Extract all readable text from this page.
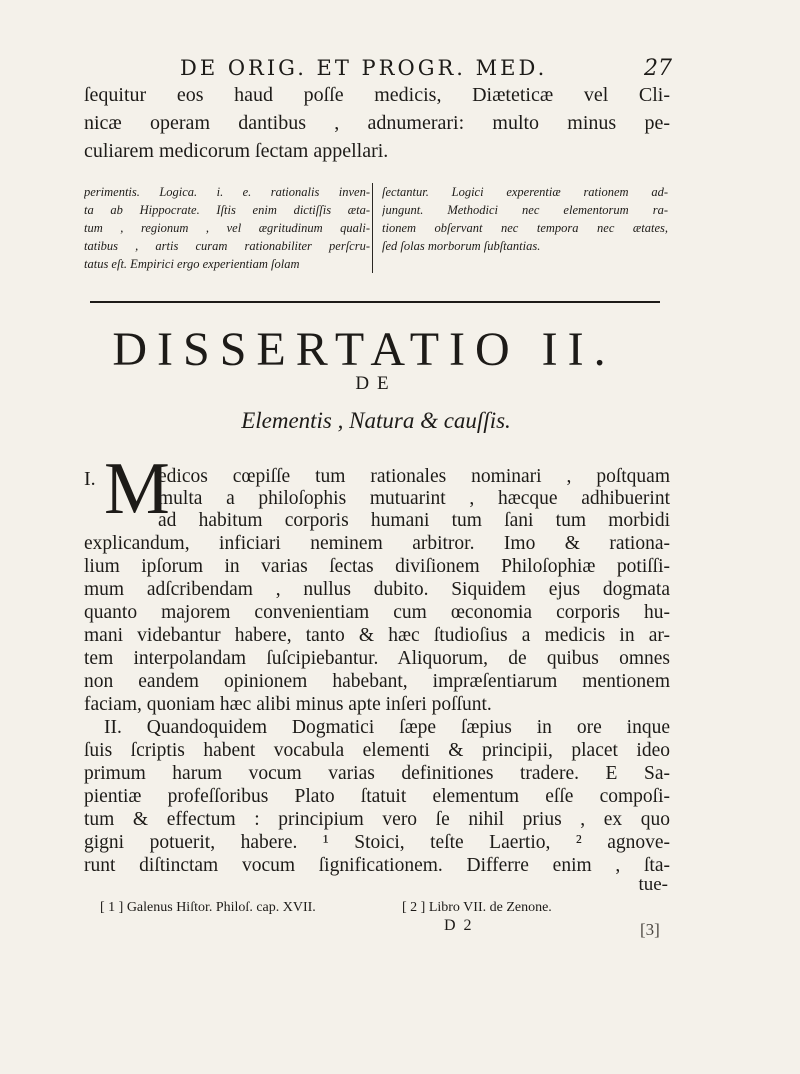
DE ORIG. ET PROGR. MED.	27
ſequitur eos haud poſſe medicis, Diætеticæ vel Cli-
nicæ operam dantibus , adnumerari: multo minus pe-
culiarem medicorum ſectam appellari.
perimentis. Logica. i. e. rationalis inven-
ta ab Hippocrate. Iſtis enim dictiſſis æta-
tum , regionum , vel ægritudinum quali-
tatibus , artis curam rationabiliter perſcru-
tatus eſt. Empirici ergo experientiam ſolam
ſectantur. Logici experentiæ rationem ad-
jungunt. Methodici nec elementorum ra-
tionem obſervant nec tempora nec ætates,
ſed ſolas morborum ſubſtantias.
DISSERTATIO II.
DE
Elementis , Natura & cauſſis.
I. M
edicos cœpiſſe tum rationales nominari , poſtquam
multa a philoſophis mutuarint , hæcque adhibuerint
ad habitum corporis humani tum ſani tum morbidi
explicandum, inficiari neminem arbitror. Imo & rationa-
lium ipſorum in varias ſectas diviſionem Philoſophiæ potiſſi-
mum adſcribendam , nullus dubito. Siquidem ejus dogmata
quanto majorem convenientiam cum œconomia corporis hu-
mani videbantur habere, tanto & hæc ſtudioſius a medicis in ar-
tem interpolandam ſuſcipiebantur. Aliquorum, de quibus omnes
non eandem opinionem habebant, impræſentiarum mentionem
faciam, quoniam hæc alibi minus apte inſeri poſſunt.
II. Quandoquidem Dogmatici ſæpe ſæpius in ore inque
ſuis ſcriptis habent vocabula elementi & principii, placet ideo
primum harum vocum varias definitiones tradere. E Sa-
pientiæ profeſſoribus Plato ſtatuit elementum eſſe compoſi-
tum & effectum : principium vero ſe nihil prius , ex quo
gigni potuerit, habere. ¹ Stoici, teſte Laertio, ² agnove-
runt diſtinctam vocum ſignificationem. Differre enim , ſta-
tue-
[ 1 ] Galenus Hiſtor. Philoſ. cap. XVII.	[ 2 ] Libro VII. de Zenone.
D 2	[3]
